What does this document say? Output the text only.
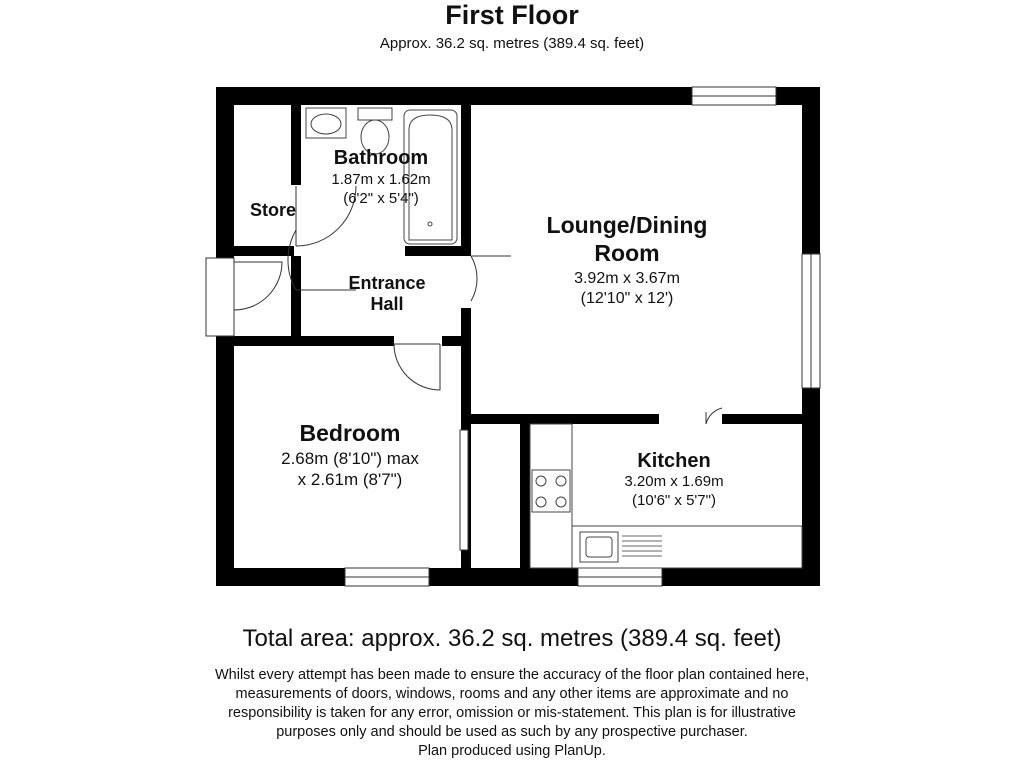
First Floor
Approx. 36.2 sq. metres (389.4 sq. feet)
Bathroom
1.87m x 1.62m
(6'2" x 5'4")
Store
Entrance
Hall
Lounge/Dining
Room
3.92m x 3.67m
(12'10" x 12')
Bedroom
2.68m (8'10") max
x 2.61m (8'7")
Kitchen
3.20m x 1.69m
(10'6" x 5'7")
Total area: approx. 36.2 sq. metres (389.4 sq. feet)
Whilst every attempt has been made to ensure the accuracy of the floor plan contained here,
measurements of doors, windows, rooms and any other items are approximate and no
responsibility is taken for any error, omission or mis-statement. This plan is for illustrative
purposes only and should be used as such by any prospective purchaser.
Plan produced using PlanUp.
